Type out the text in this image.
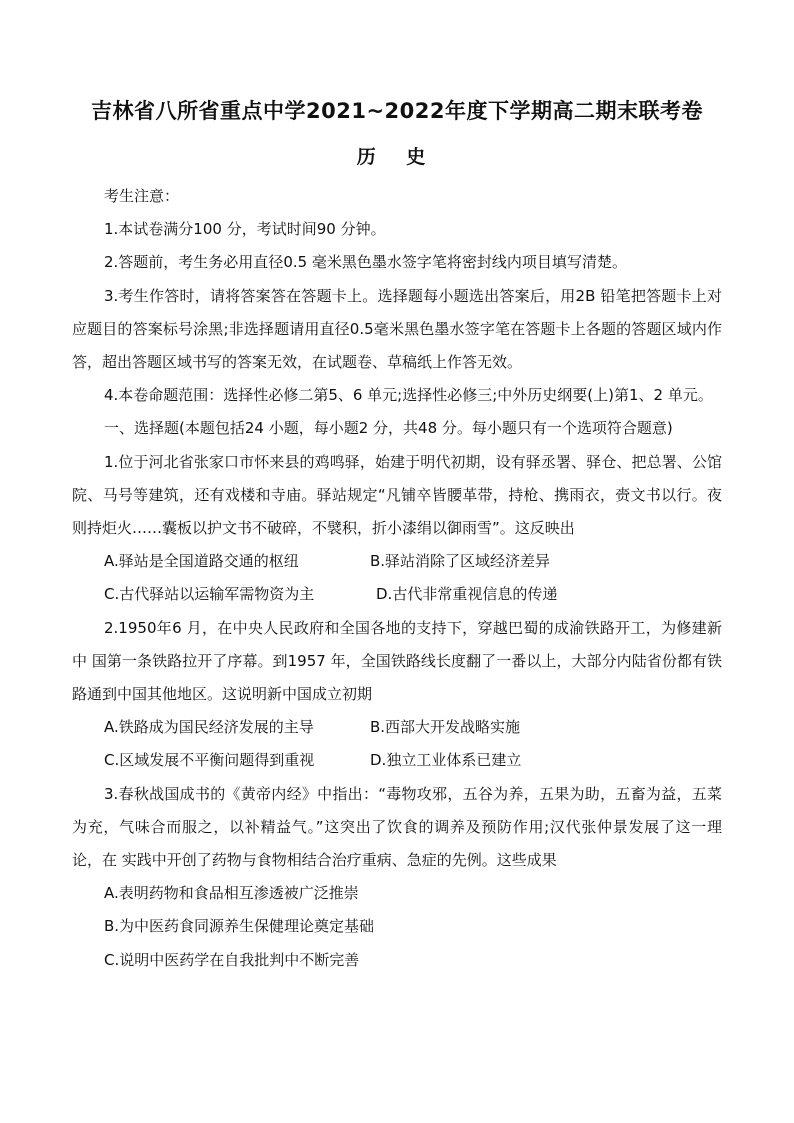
吉林省八所省重点中学2021~2022年度下学期高二期末联考卷
历 史
考生注意：
1.本试卷满分100 分，考试时间90 分钟。
2.答题前，考生务必用直径0.5 毫米黑色墨水签字笔将密封线内项目填写清楚。
3.考生作答时，请将答案答在答题卡上。选择题每小题选出答案后，用2B 铅笔把答题卡上对 应题目的答案标号涂黑;非选择题请用直径0.5毫米黑色墨水签字笔在答题卡上各题的答题区域内作答，超出答题区域书写的答案无效，在试题卷、草稿纸上作答无效。
4.本卷命题范围：选择性必修二第5、6 单元;选择性必修三;中外历史纲要(上)第1、2 单元。
一、选择题(本题包括24 小题，每小题2 分，共48 分。每小题只有一个选项符合题意)
1.位于河北省张家口市怀来县的鸡鸣驿，始建于明代初期，设有驿丞署、驿仓、把总署、公馆院、马号等建筑，还有戏楼和寺庙。驿站规定“凡铺卒皆腰革带，持枪、携雨衣，赍文书以行。夜则持炬火……囊板以护文书不破碎，不襞积，折小漆绢以御雨雪”。这反映出
A.驿站是全国道路交通的枢纽	B.驿站消除了区域经济差异
C.古代驿站以运输军需物资为主	D.古代非常重视信息的传递
2.1950年6 月，在中央人民政府和全国各地的支持下，穿越巴蜀的成渝铁路开工，为修建新中 国第一条铁路拉开了序幕。到1957 年，全国铁路线长度翻了一番以上，大部分内陆省份都有铁路通到中国其他地区。这说明新中国成立初期
A.铁路成为国民经济发展的主导	B.西部大开发战略实施
C.区域发展不平衡问题得到重视	D.独立工业体系已建立
3.春秋战国成书的《黄帝内经》中指出：“毒物攻邪，五谷为养，五果为助，五畜为益，五菜为充，气味合而服之，以补精益气。”这突出了饮食的调养及预防作用;汉代张仲景发展了这一理论，在 实践中开创了药物与食物相结合治疗重病、急症的先例。这些成果
A.表明药物和食品相互渗透被广泛推崇
B.为中医药食同源养生保健理论奠定基础
C.说明中医药学在自我批判中不断完善
